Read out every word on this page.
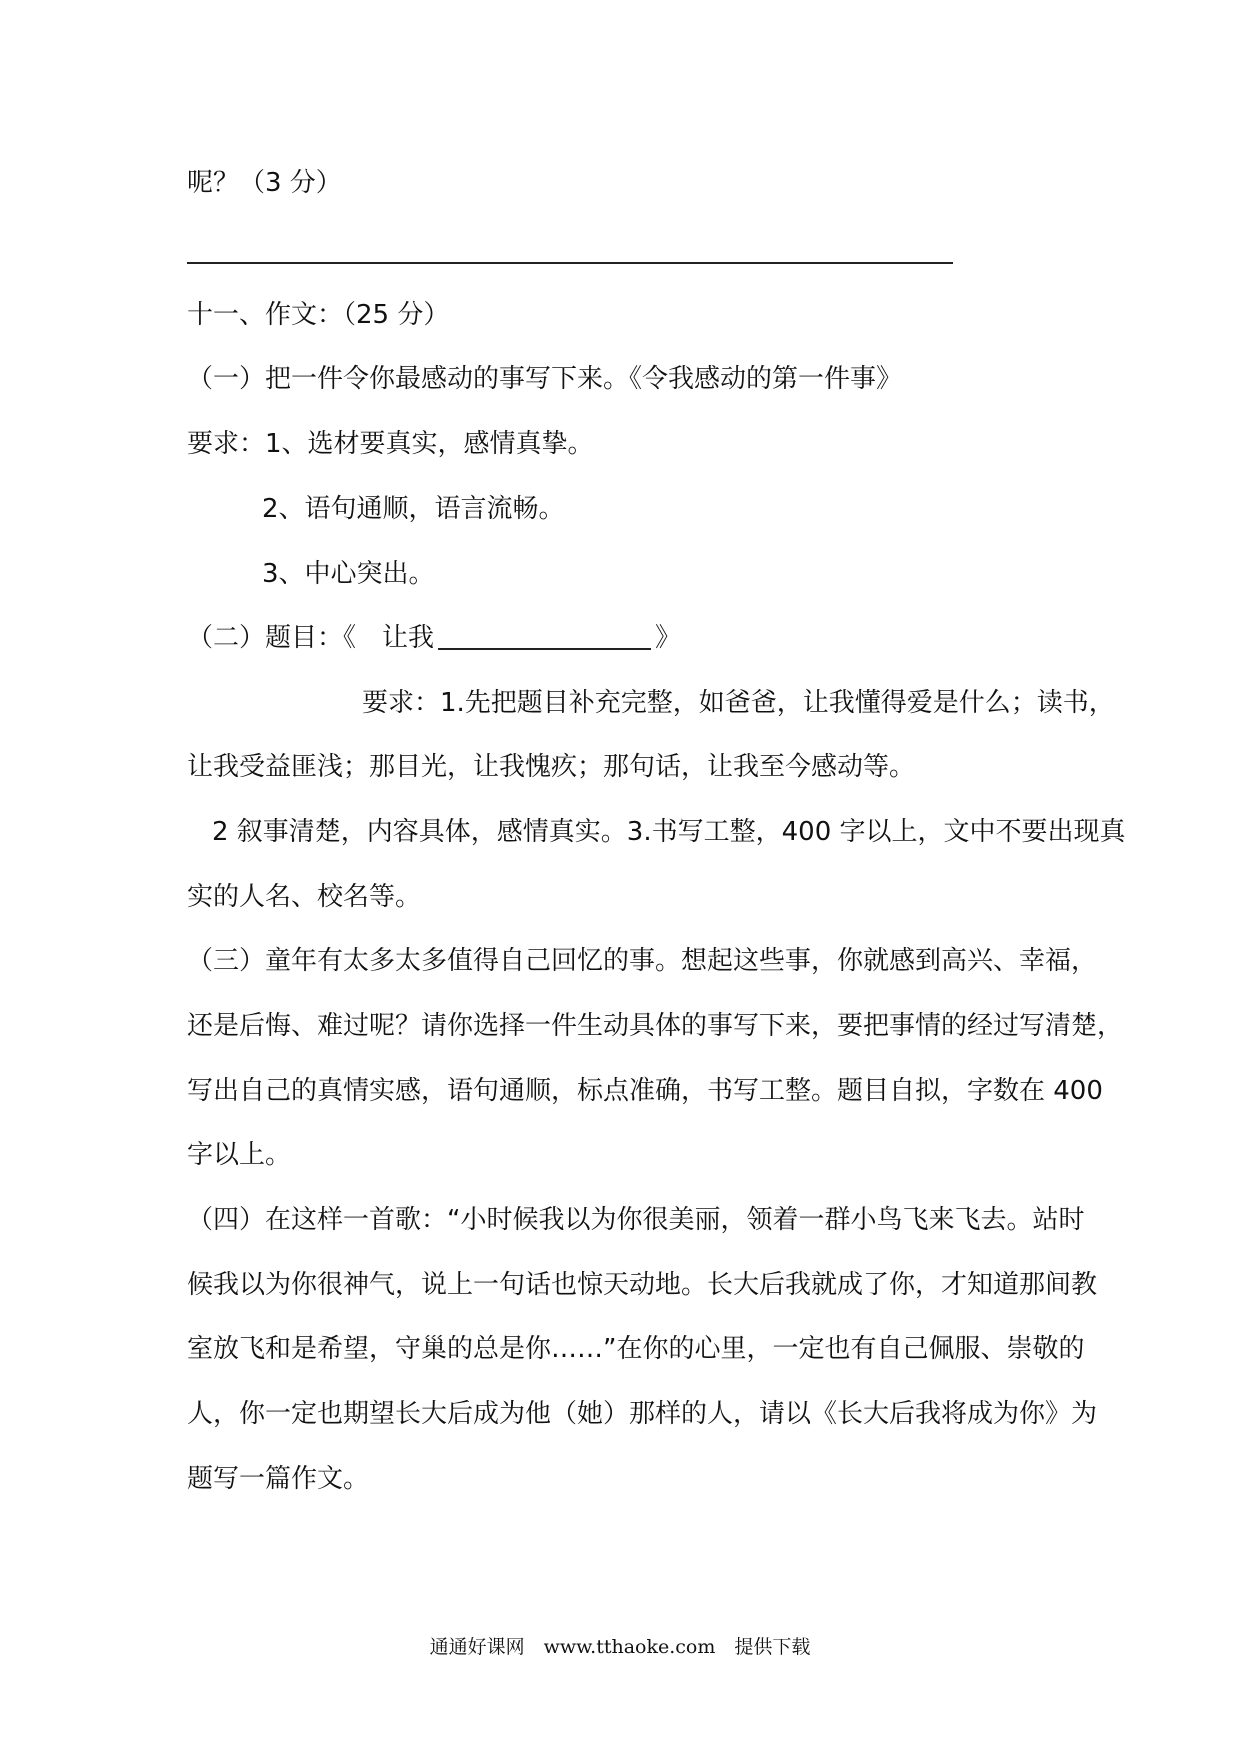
呢？（3 分）
十一、作文：（25 分）
（一）把一件令你最感动的事写下来。《令我感动的第一件事》
要求：1、选材要真实，感情真挚。
2、语句通顺，语言流畅。
3、中心突出。
（二）题目：《　让我	》
要求：1.先把题目补充完整，如爸爸，让我懂得爱是什么；读书，
让我受益匪浅；那目光，让我愧疚；那句话，让我至今感动等。
2 叙事清楚，内容具体，感情真实。3.书写工整，400 字以上，文中不要出现真
实的人名、校名等。
（三）童年有太多太多值得自己回忆的事。想起这些事，你就感到高兴、幸福，
还是后悔、难过呢？请你选择一件生动具体的事写下来，要把事情的经过写清楚，
写出自己的真情实感，语句通顺，标点准确，书写工整。题目自拟，字数在 400
字以上。
（四）在这样一首歌：“小时候我以为你很美丽，领着一群小鸟飞来飞去。站时
候我以为你很神气，说上一句话也惊天动地。长大后我就成了你，才知道那间教
室放飞和是希望，守巢的总是你……”在你的心里，一定也有自己佩服、崇敬的
人，你一定也期望长大后成为他（她）那样的人，请以《长大后我将成为你》为
题写一篇作文。
通通好课网　www.tthaoke.com　提供下载
